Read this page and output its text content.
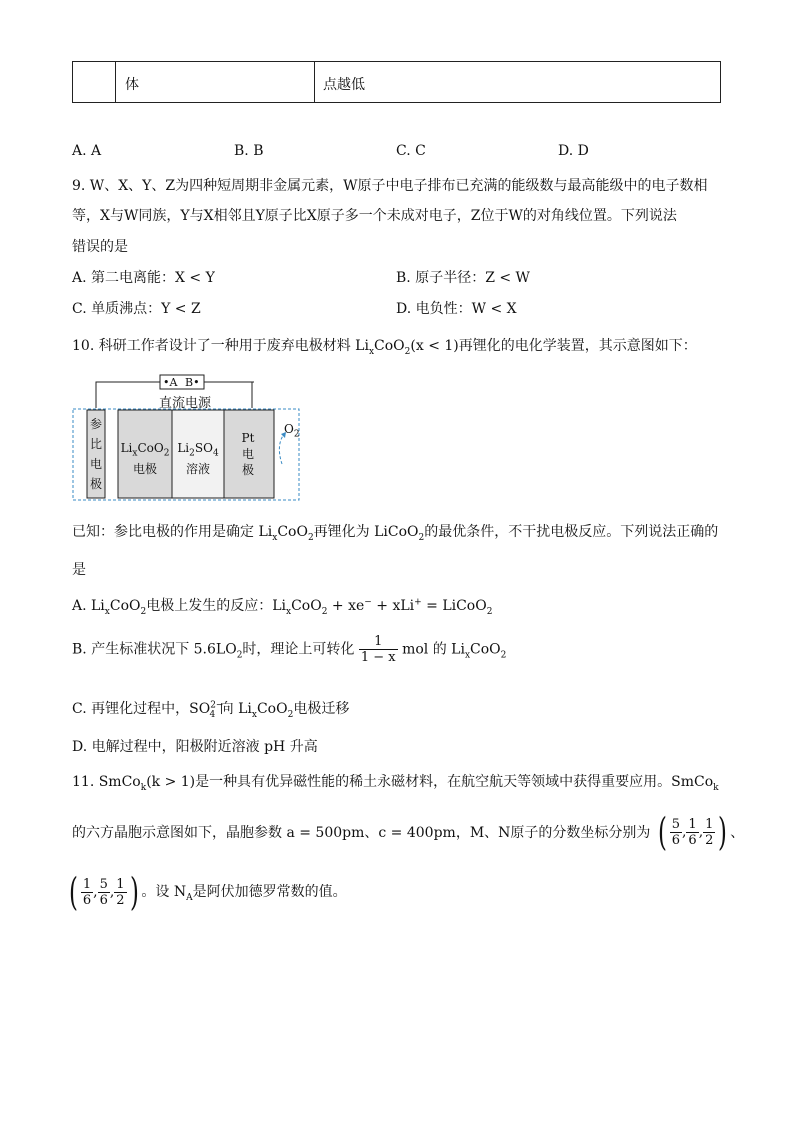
体	点越低
A. A	B. B	C. C	D. D
9. W、X、Y、Z为四种短周期非金属元素，W原子中电子排布已充满的能级数与最高能级中的电子数相
等，X与W同族，Y与X相邻且Y原子比X原子多一个未成对电子，Z位于W的对角线位置。下列说法
错误的是
A. 第二电离能：X < Y	B. 原子半径：Z < W
C. 单质沸点：Y < Z	D. 电负性：W < X
10. 科研工作者设计了一种用于废弃电极材料 $Li_xCoO_2(x < 1)$再锂化的电化学装置，其示意图如下：
•A B•
直流电源
参
比
电
极
$Li_xCoO_2$
电极
$Li_2SO_4$
溶液
Pt
电
极
$O_2$
已知：参比电极的作用是确定 $Li_xCoO_2$再锂化为 LiCoO$_2$的最优条件，不干扰电极反应。下列说法正确的
是
A. $Li_xCoO_2$电极上发生的反应：$Li_xCoO_2 + xe^- + xLi^+$ = LiCoO$_2$
B. 产生标准状况下 $5.6LO_2$时，理论上可转化 $\frac{1}{1 - x}$ mol 的 $Li_xCoO_2$
C. 再锂化过程中，$SO^{2-}_4$ 向 $Li_xCoO_2$电极迁移
D. 电解过程中，阳极附近溶液 pH 升高
11. SmCo$_k$(k > 1)是一种具有优异磁性能的稀土永磁材料，在航空航天等领域中获得重要应用。SmCo$_k$
的六方晶胞示意图如下，晶胞参数 a = 500pm、c = 400pm，M、N原子的分数坐标分别为 ( $\frac{5}{6}$ , $\frac{1}{6}$ , $\frac{1}{2}$ ) 、
( $\frac{1}{6}$ , $\frac{5}{6}$ , $\frac{1}{2}$ ) 。设 $N_A$是阿伏加德罗常数的值。
